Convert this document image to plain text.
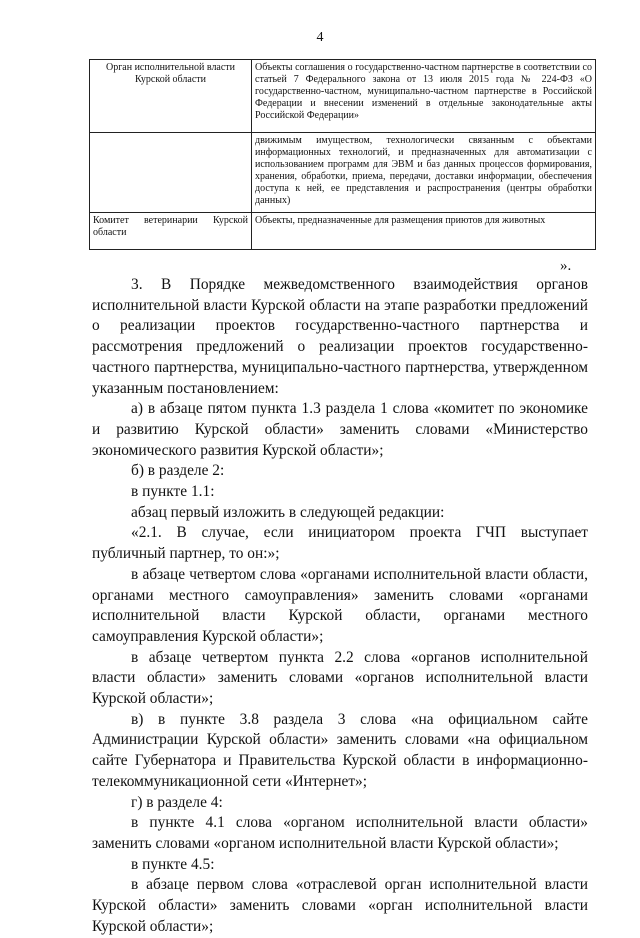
4
Орган исполнительной власти Курской области	Объекты соглашения о государственно-частном партнерстве в соответствии со статьей 7 Федерального закона от 13 июля 2015 года № 224-ФЗ «О государственно-частном, муниципально-частном партнерстве в Российской Федерации и внесении изменений в отдельные законодательные акты Российской Федерации»
	движимым имуществом, технологически связанным с объектами информационных технологий, и предназначенных для автоматизации с использованием программ для ЭВМ и баз данных процессов формирования, хранения, обработки, приема, передачи, доставки информации, обеспечения доступа к ней, ее представления и распространения (центры обработки данных)
Комитет ветеринарии Курской области	Объекты, предназначенные для размещения приютов для животных
».

3. В Порядке межведомственного взаимодействия органов исполнительной власти Курской области на этапе разработки предложений о реализации проектов государственно-частного партнерства и рассмотрения предложений о реализации проектов государственно-частного партнерства, муниципально-частного партнерства, утвержденном указанным постановлением:

а) в абзаце пятом пункта 1.3 раздела 1 слова «комитет по экономике и развитию Курской области» заменить словами «Министерство экономического развития Курской области»;

б) в разделе 2:

в пункте 1.1:

абзац первый изложить в следующей редакции:

«2.1. В случае, если инициатором проекта ГЧП выступает публичный партнер, то он:»;

в абзаце четвертом слова «органами исполнительной власти области, органами местного самоуправления» заменить словами «органами исполнительной власти Курской области, органами местного самоуправления Курской области»;

в абзаце четвертом пункта 2.2 слова «органов исполнительной власти области» заменить словами «органов исполнительной власти Курской области»;

в) в пункте 3.8 раздела 3 слова «на официальном сайте Администрации Курской области» заменить словами «на официальном сайте Губернатора и Правительства Курской области в информационно-телекоммуникационной сети «Интернет»;

г) в разделе 4:

в пункте 4.1 слова «органом исполнительной власти области» заменить словами «органом исполнительной власти Курской области»;

в пункте 4.5:

в абзаце первом слова «отраслевой орган исполнительной власти Курской области» заменить словами «орган исполнительной власти Курской области»;
